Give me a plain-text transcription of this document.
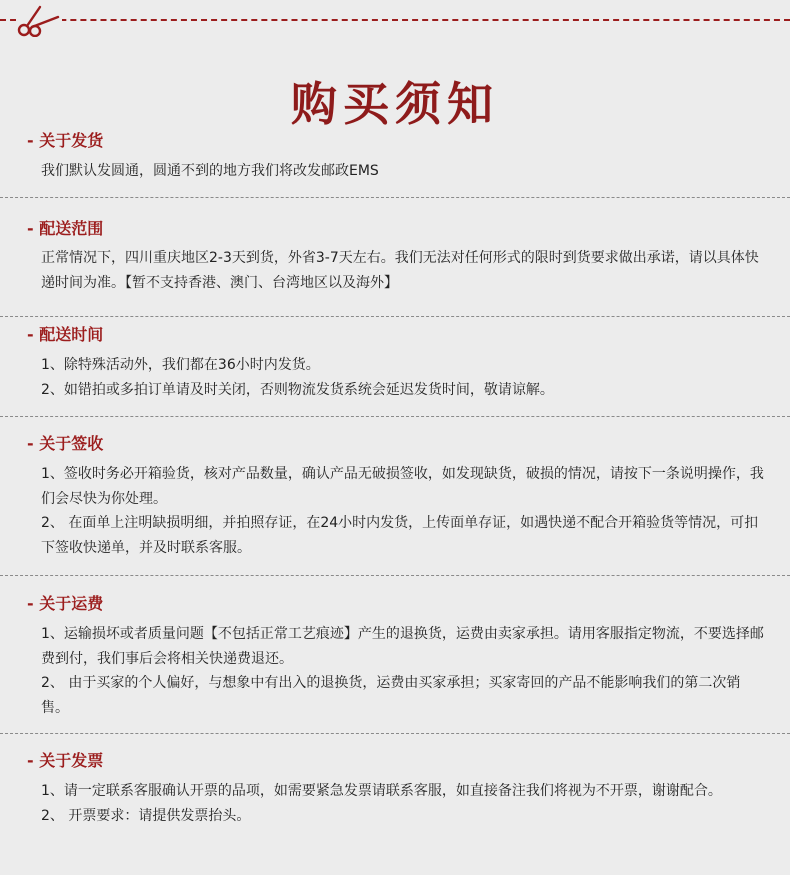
购买须知
- 关于发货

我们默认发圆通，圆通不到的地方我们将改发邮政EMS

- 配送范围

正常情况下，四川重庆地区2-3天到货，外省3-7天左右。我们无法对任何形式的限时到货要求做出承诺，请以具体快递时间为准。【暂不支持香港、澳门、台湾地区以及海外】

- 配送时间

1、除特殊活动外，我们都在36小时内发货。

2、如错拍或多拍订单请及时关闭，否则物流发货系统会延迟发货时间，敬请谅解。

- 关于签收

1、签收时务必开箱验货，核对产品数量，确认产品无破损签收，如发现缺货，破损的情况，请按下一条说明操作，我们会尽快为你处理。

2、 在面单上注明缺损明细，并拍照存证，在24小时内发货，上传面单存证，如遇快递不配合开箱验货等情况，可扣下签收快递单，并及时联系客服。

- 关于运费

1、运输损坏或者质量问题【不包括正常工艺痕迹】产生的退换货，运费由卖家承担。请用客服指定物流，不要选择邮费到付，我们事后会将相关快递费退还。

2、 由于买家的个人偏好，与想象中有出入的退换货，运费由买家承担；买家寄回的产品不能影响我们的第二次销售。

- 关于发票

1、请一定联系客服确认开票的品项，如需要紧急发票请联系客服，如直接备注我们将视为不开票，谢谢配合。

2、 开票要求：请提供发票抬头。
